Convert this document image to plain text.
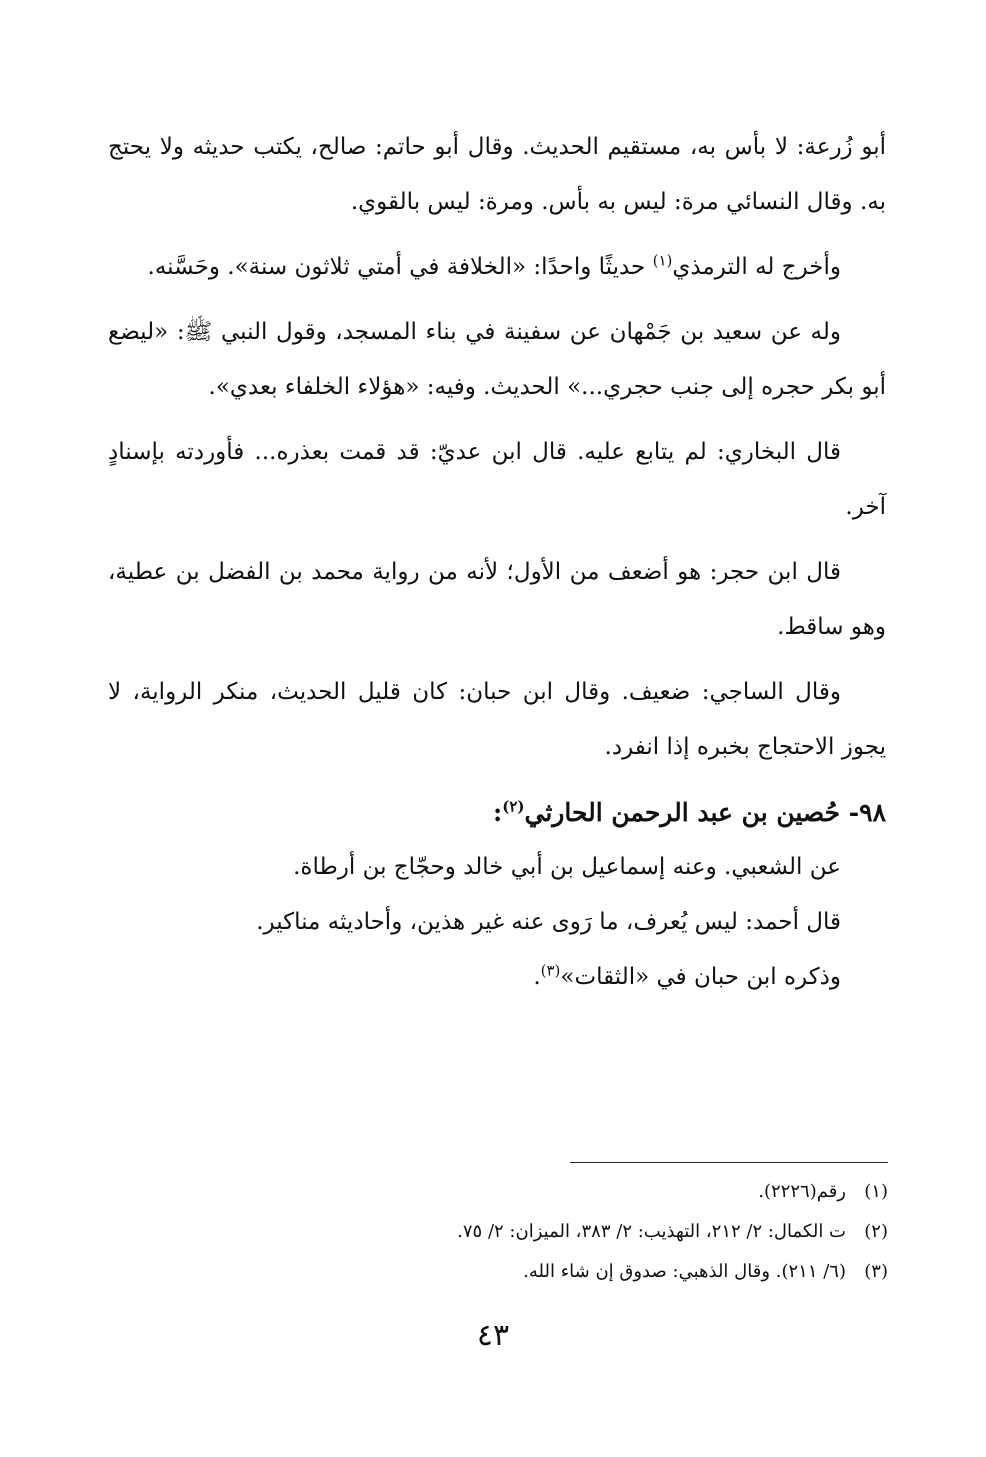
أبو زُرعة: لا بأس به، مستقيم الحديث. وقال أبو حاتم: صالح، يكتب حديثه ولا يحتج به. وقال النسائي مرة: ليس به بأس. ومرة: ليس بالقوي.

وأخرج له الترمذي$^{(١)}$ حديثًا واحدًا: «الخلافة في أمتي ثلاثون سنة». وحَسَّنه.

وله عن سعيد بن جَمْهان عن سفينة في بناء المسجد، وقول النبي ﷺ: «ليضع أبو بكر حجره إلى جنب حجري...» الحديث. وفيه: «هؤلاء الخلفاء بعدي».

قال البخاري: لم يتابع عليه. قال ابن عديّ: قد قمت بعذره... فأوردته بإسنادٍ آخر.

قال ابن حجر: هو أضعف من الأول؛ لأنه من رواية محمد بن الفضل بن عطية، وهو ساقط.

وقال الساجي: ضعيف. وقال ابن حبان: كان قليل الحديث، منكر الرواية، لا يجوز الاحتجاج بخبره إذا انفرد.

٩٨- حُصين بن عبد الرحمن الحارثي$^{(٢)}$:

عن الشعبي. وعنه إسماعيل بن أبي خالد وحجّاج بن أرطاة.

قال أحمد: ليس يُعرف، ما رَوى عنه غير هذين، وأحاديثه مناكير.

وذكره ابن حبان في «الثقات»$^{(٣)}$.

(١)رقم(٢٢٢٦).
(٢)ت الكمال: ٢/ ٢١٢، التهذيب: ٢/ ٣٨٣، الميزان: ٢/ ٧٥.
(٣)(٦/ ٢١١). وقال الذهبي: صدوق إن شاء الله.
٤٣
